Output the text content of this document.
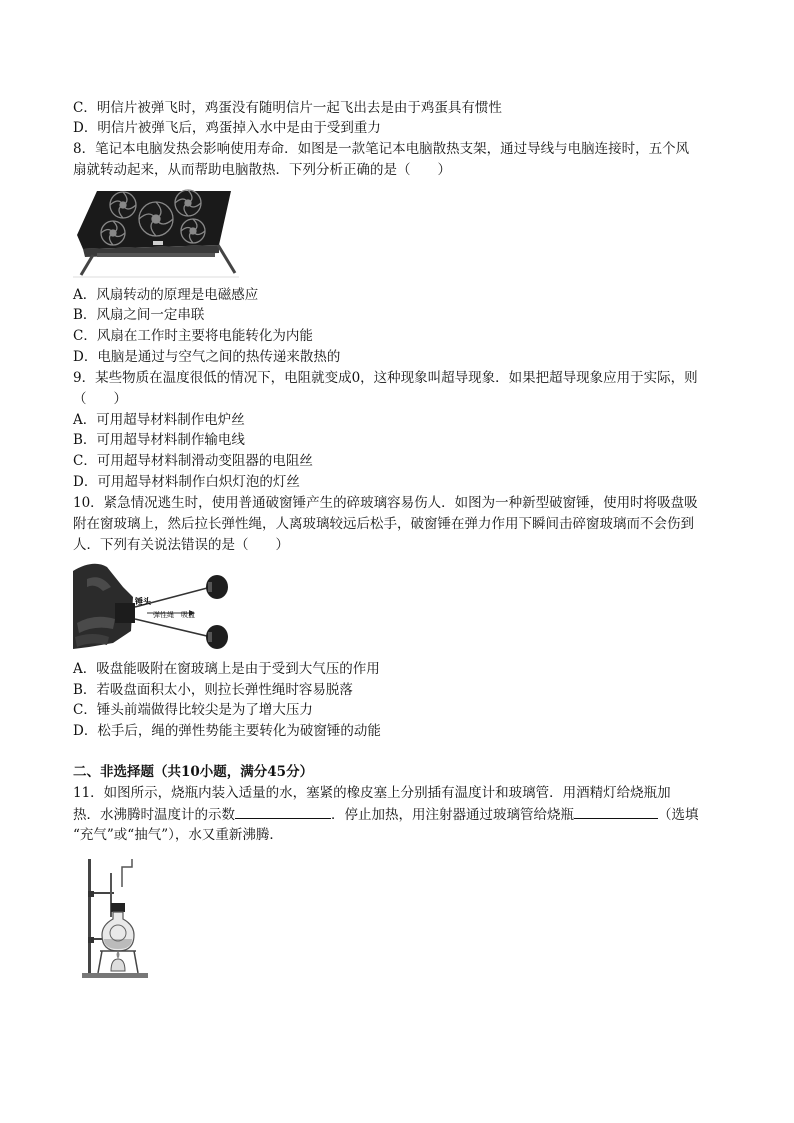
C．明信片被弹飞时，鸡蛋没有随明信片一起飞出去是由于鸡蛋具有惯性
D．明信片被弹飞后，鸡蛋掉入水中是由于受到重力
8．笔记本电脑发热会影响使用寿命．如图是一款笔记本电脑散热支架，通过导线与电脑连接时，五个风
扇就转动起来，从而帮助电脑散热．下列分析正确的是（　　）
A．风扇转动的原理是电磁感应
B．风扇之间一定串联
C．风扇在工作时主要将电能转化为内能
D．电脑是通过与空气之间的热传递来散热的
9．某些物质在温度很低的情况下，电阻就变成0，这种现象叫超导现象．如果把超导现象应用于实际，则
（　　）
A．可用超导材料制作电炉丝
B．可用超导材料制作输电线
C．可用超导材料制滑动变阻器的电阻丝
D．可用超导材料制作白炽灯泡的灯丝
10．紧急情况逃生时，使用普通破窗锤产生的碎玻璃容易伤人．如图为一种新型破窗锤，使用时将吸盘吸
附在窗玻璃上，然后拉长弹性绳，人离玻璃较远后松手，破窗锤在弹力作用下瞬间击碎窗玻璃而不会伤到
人．下列有关说法错误的是（　　）
锤头
弹性绳 吸盘
A．吸盘能吸附在窗玻璃上是由于受到大气压的作用
B．若吸盘面积太小，则拉长弹性绳时容易脱落
C．锤头前端做得比较尖是为了增大压力
D．松手后，绳的弹性势能主要转化为破窗锤的动能
二、非选择题（共10小题，满分45分）
11．如图所示，烧瓶内装入适量的水，塞紧的橡皮塞上分别插有温度计和玻璃管．用酒精灯给烧瓶加
热．水沸腾时温度计的示数	．停止加热，用注射器通过玻璃管给烧瓶	（选填
“充气”或“抽气”），水又重新沸腾．
